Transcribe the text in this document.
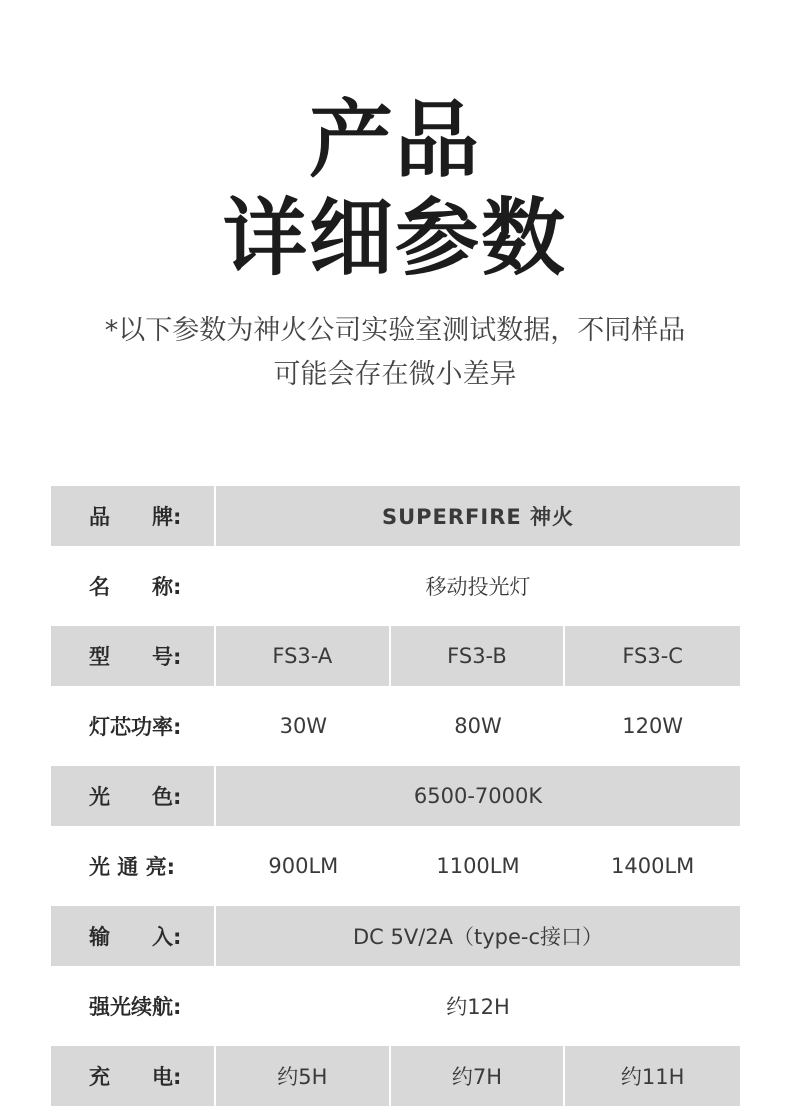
产品
详细参数
*以下参数为神火公司实验室测试数据，不同样品
可能会存在微小差异
品　　牌:	SUPERFIRE 神火		

名　　称:	移动投光灯		

型　　号:	FS3-A	FS3-B	FS3-C

灯芯功率:	30W	80W	120W

光　　色:	6500-7000K		

光 通 亮:	900LM	1100LM	1400LM

输　　入:	DC 5V/2A（type-c接口）		

强光续航:	约12H		

充　　电:	约5H	约7H	约11H
